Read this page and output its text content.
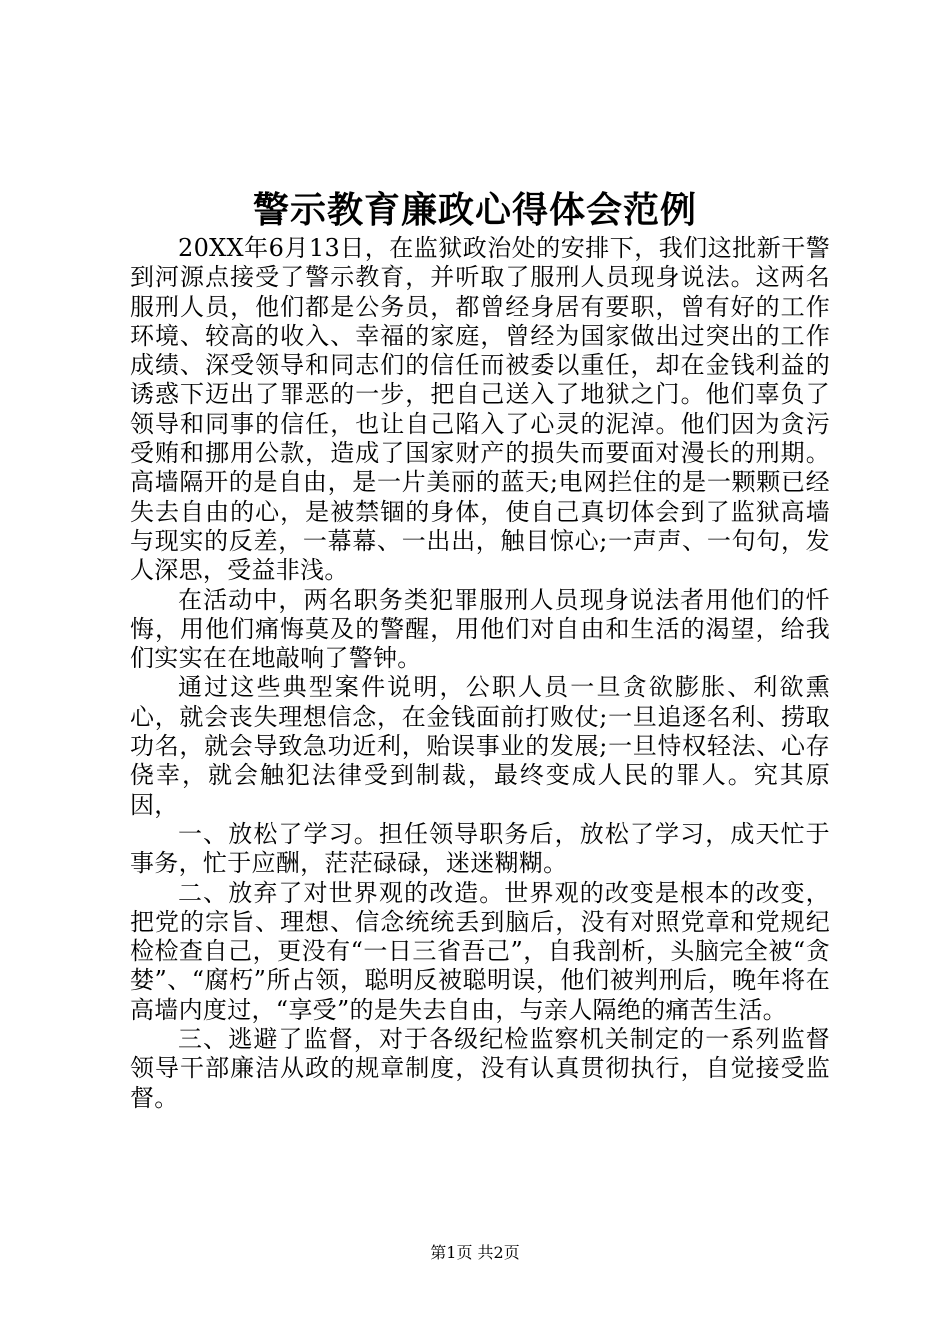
警示教育廉政心得体会范例

20XX年6月13日，在监狱政治处的安排下，我们这批新干警到河源点接受了警示教育，并听取了服刑人员现身说法。这两名服刑人员，他们都是公务员，都曾经身居有要职，曾有好的工作环境、较高的收入、幸福的家庭，曾经为国家做出过突出的工作成绩、深受领导和同志们的信任而被委以重任，却在金钱利益的诱惑下迈出了罪恶的一步，把自己送入了地狱之门。他们辜负了领导和同事的信任，也让自己陷入了心灵的泥淖。他们因为贪污受贿和挪用公款，造成了国家财产的损失而要面对漫长的刑期。高墙隔开的是自由，是一片美丽的蓝天;电网拦住的是一颗颗已经失去自由的心，是被禁锢的身体，使自己真切体会到了监狱高墙与现实的反差，一幕幕、一出出，触目惊心;一声声、一句句，发人深思，受益非浅。

在活动中，两名职务类犯罪服刑人员现身说法者用他们的忏悔，用他们痛悔莫及的警醒，用他们对自由和生活的渴望，给我们实实在在地敲响了警钟。

通过这些典型案件说明，公职人员一旦贪欲膨胀、利欲熏心，就会丧失理想信念，在金钱面前打败仗;一旦追逐名利、捞取功名，就会导致急功近利，贻误事业的发展;一旦恃权轻法、心存侥幸，就会触犯法律受到制裁，最终变成人民的罪人。究其原因，

一、放松了学习。担任领导职务后，放松了学习，成天忙于事务，忙于应酬，茫茫碌碌，迷迷糊糊。

二、放弃了对世界观的改造。世界观的改变是根本的改变，把党的宗旨、理想、信念统统丢到脑后，没有对照党章和党规纪检检查自己，更没有“一日三省吾己”，自我剖析，头脑完全被“贪婪”、“腐朽”所占领，聪明反被聪明误，他们被判刑后，晚年将在高墙内度过，“享受”的是失去自由，与亲人隔绝的痛苦生活。

三、逃避了监督，对于各级纪检监察机关制定的一系列监督领导干部廉洁从政的规章制度，没有认真贯彻执行，自觉接受监督。

第1页 共2页
